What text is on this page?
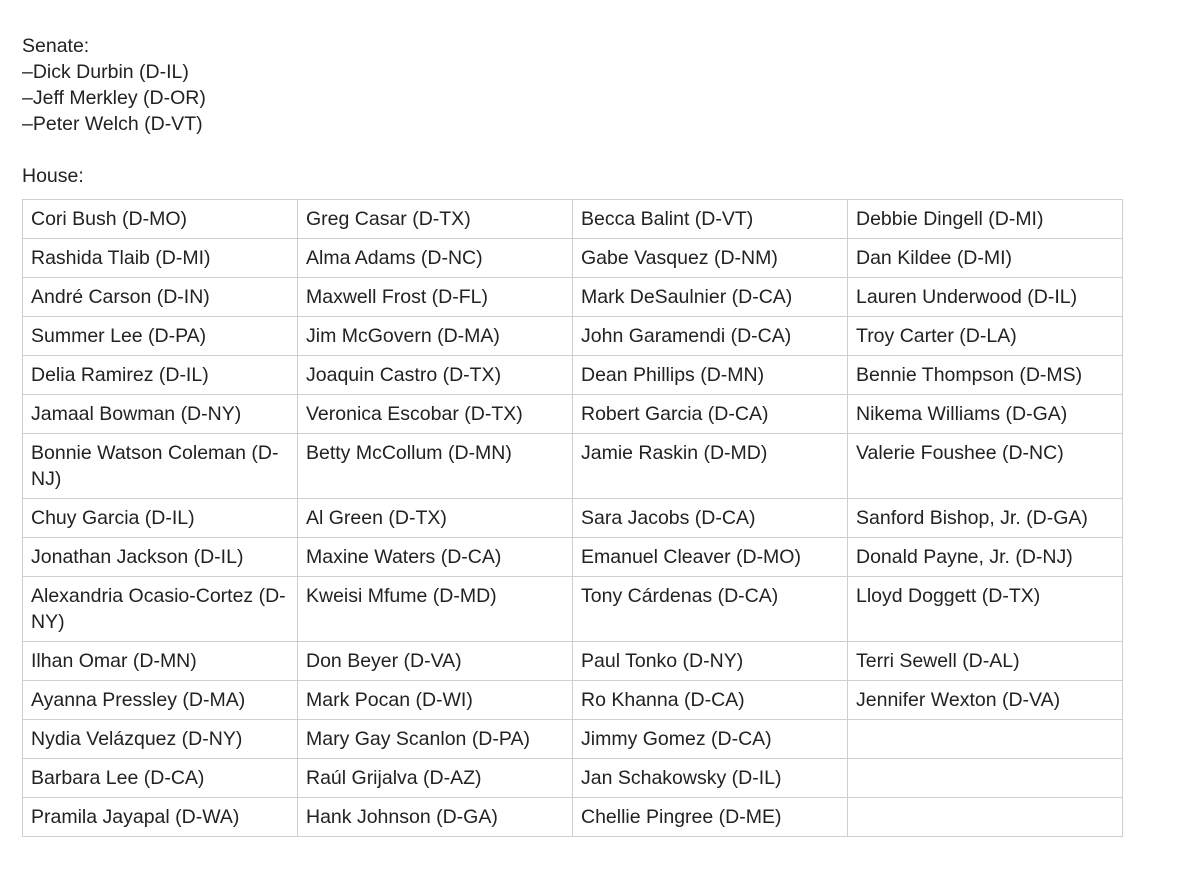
Senate:
–Dick Durbin (D-IL)
–Jeff Merkley (D-OR)
–Peter Welch (D-VT)
House:
Cori Bush (D-MO)	Greg Casar (D-TX)	Becca Balint (D-VT)	Debbie Dingell (D-MI)
Rashida Tlaib (D-MI)	Alma Adams (D-NC)	Gabe Vasquez (D-NM)	Dan Kildee (D-MI)
André Carson (D-IN)	Maxwell Frost (D-FL)	Mark DeSaulnier (D-CA)	Lauren Underwood (D-IL)
Summer Lee (D-PA)	Jim McGovern (D-MA)	John Garamendi (D-CA)	Troy Carter (D-LA)
Delia Ramirez (D-IL)	Joaquin Castro (D-TX)	Dean Phillips (D-MN)	Bennie Thompson (D-MS)
Jamaal Bowman (D-NY)	Veronica Escobar (D-TX)	Robert Garcia (D-CA)	Nikema Williams (D-GA)
Bonnie Watson Coleman (D-NJ)	Betty McCollum (D-MN)	Jamie Raskin (D-MD)	Valerie Foushee (D-NC)
Chuy Garcia (D-IL)	Al Green (D-TX)	Sara Jacobs (D-CA)	Sanford Bishop, Jr. (D-GA)
Jonathan Jackson (D-IL)	Maxine Waters (D-CA)	Emanuel Cleaver (D-MO)	Donald Payne, Jr. (D-NJ)
Alexandria Ocasio-Cortez (D-NY)	Kweisi Mfume (D-MD)	Tony Cárdenas (D-CA)	Lloyd Doggett (D-TX)
Ilhan Omar (D-MN)	Don Beyer (D-VA)	Paul Tonko (D-NY)	Terri Sewell (D-AL)
Ayanna Pressley (D-MA)	Mark Pocan (D-WI)	Ro Khanna (D-CA)	Jennifer Wexton (D-VA)
Nydia Velázquez (D-NY)	Mary Gay Scanlon (D-PA)	Jimmy Gomez (D-CA)	
Barbara Lee (D-CA)	Raúl Grijalva (D-AZ)	Jan Schakowsky (D-IL)	
Pramila Jayapal (D-WA)	Hank Johnson (D-GA)	Chellie Pingree (D-ME)	
